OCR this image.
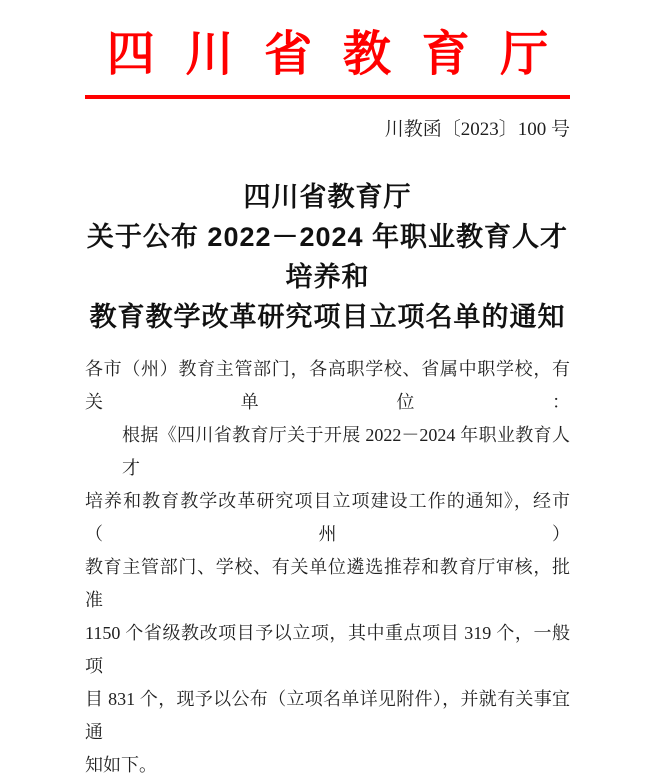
四川省教育厅
川教函〔2023〕100 号
四川省教育厅
关于公布 2022－2024 年职业教育人才培养和
教育教学改革研究项目立项名单的通知
各市（州）教育主管部门，各高职学校、省属中职学校，有关单位：
根据《四川省教育厅关于开展 2022－2024 年职业教育人才
培养和教育教学改革研究项目立项建设工作的通知》，经市（州）
教育主管部门、学校、有关单位遴选推荐和教育厅审核，批准
1150 个省级教改项目予以立项，其中重点项目 319 个，一般项
目 831 个，现予以公布（立项名单详见附件），并就有关事宜通
知如下。
